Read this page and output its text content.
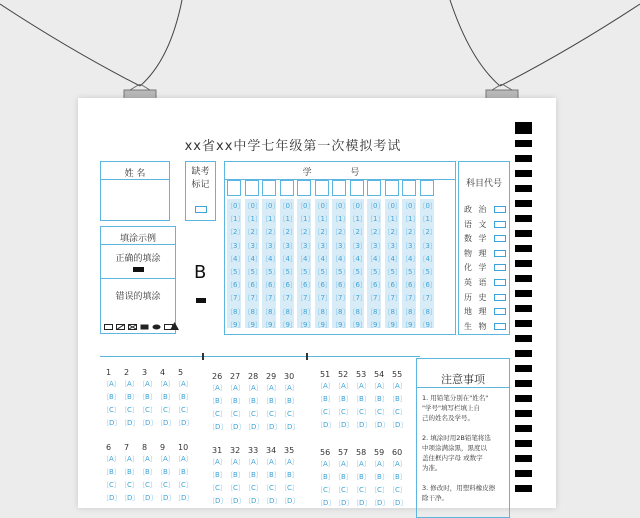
xx省xx中学七年级第一次模拟考试
姓 名	缺考
标记
填涂示例
正确的填涂
错误的填涂
B
学 号
〔0〕
〔1〕
〔2〕
〔3〕
〔4〕
〔5〕
〔6〕
〔7〕
〔8〕
〔9〕
〔0〕
〔1〕
〔2〕
〔3〕
〔4〕
〔5〕
〔6〕
〔7〕
〔8〕
〔9〕
〔0〕
〔1〕
〔2〕
〔3〕
〔4〕
〔5〕
〔6〕
〔7〕
〔8〕
〔9〕
〔0〕
〔1〕
〔2〕
〔3〕
〔4〕
〔5〕
〔6〕
〔7〕
〔8〕
〔9〕
〔0〕
〔1〕
〔2〕
〔3〕
〔4〕
〔5〕
〔6〕
〔7〕
〔8〕
〔9〕
〔0〕
〔1〕
〔2〕
〔3〕
〔4〕
〔5〕
〔6〕
〔7〕
〔8〕
〔9〕
〔0〕
〔1〕
〔2〕
〔3〕
〔4〕
〔5〕
〔6〕
〔7〕
〔8〕
〔9〕
〔0〕
〔1〕
〔2〕
〔3〕
〔4〕
〔5〕
〔6〕
〔7〕
〔8〕
〔9〕
〔0〕
〔1〕
〔2〕
〔3〕
〔4〕
〔5〕
〔6〕
〔7〕
〔8〕
〔9〕
〔0〕
〔1〕
〔2〕
〔3〕
〔4〕
〔5〕
〔6〕
〔7〕
〔8〕
〔9〕
〔0〕
〔1〕
〔2〕
〔3〕
〔4〕
〔5〕
〔6〕
〔7〕
〔8〕
〔9〕
〔0〕
〔1〕
〔2〕
〔3〕
〔4〕
〔5〕
〔6〕
〔7〕
〔8〕
〔9〕
科目代号
政 治
语 文
数 学
物 理
化 学
英 语
历 史
地 理
生 物
1
〔A〕
〔B〕
〔C〕
〔D〕
2
〔A〕
〔B〕
〔C〕
〔D〕
3
〔A〕
〔B〕
〔C〕
〔D〕
4
〔A〕
〔B〕
〔C〕
〔D〕
5
〔A〕
〔B〕
〔C〕
〔D〕
26
〔A〕
〔B〕
〔C〕
〔D〕
27
〔A〕
〔B〕
〔C〕
〔D〕
28
〔A〕
〔B〕
〔C〕
〔D〕
29
〔A〕
〔B〕
〔C〕
〔D〕
30
〔A〕
〔B〕
〔C〕
〔D〕
51
〔A〕
〔B〕
〔C〕
〔D〕
52
〔A〕
〔B〕
〔C〕
〔D〕
53
〔A〕
〔B〕
〔C〕
〔D〕
54
〔A〕
〔B〕
〔C〕
〔D〕
55
〔A〕
〔B〕
〔C〕
〔D〕
6
〔A〕
〔B〕
〔C〕
〔D〕
7
〔A〕
〔B〕
〔C〕
〔D〕
8
〔A〕
〔B〕
〔C〕
〔D〕
9
〔A〕
〔B〕
〔C〕
〔D〕
10
〔A〕
〔B〕
〔C〕
〔D〕
31
〔A〕
〔B〕
〔C〕
〔D〕
32
〔A〕
〔B〕
〔C〕
〔D〕
33
〔A〕
〔B〕
〔C〕
〔D〕
34
〔A〕
〔B〕
〔C〕
〔D〕
35
〔A〕
〔B〕
〔C〕
〔D〕
56
〔A〕
〔B〕
〔C〕
〔D〕
57
〔A〕
〔B〕
〔C〕
〔D〕
58
〔A〕
〔B〕
〔C〕
〔D〕
59
〔A〕
〔B〕
〔C〕
〔D〕
60
〔A〕
〔B〕
〔C〕
〔D〕
注意事项
1. 用铅笔分别在"姓名"
"学号"填写栏填上自
己的姓名及学号。
2. 填涂时用2B铅笔将选
中项涂满涂黑，黑度以
盖住框内字母 或数字
为准。
3. 修改时，用塑料橡皮擦
除干净。
